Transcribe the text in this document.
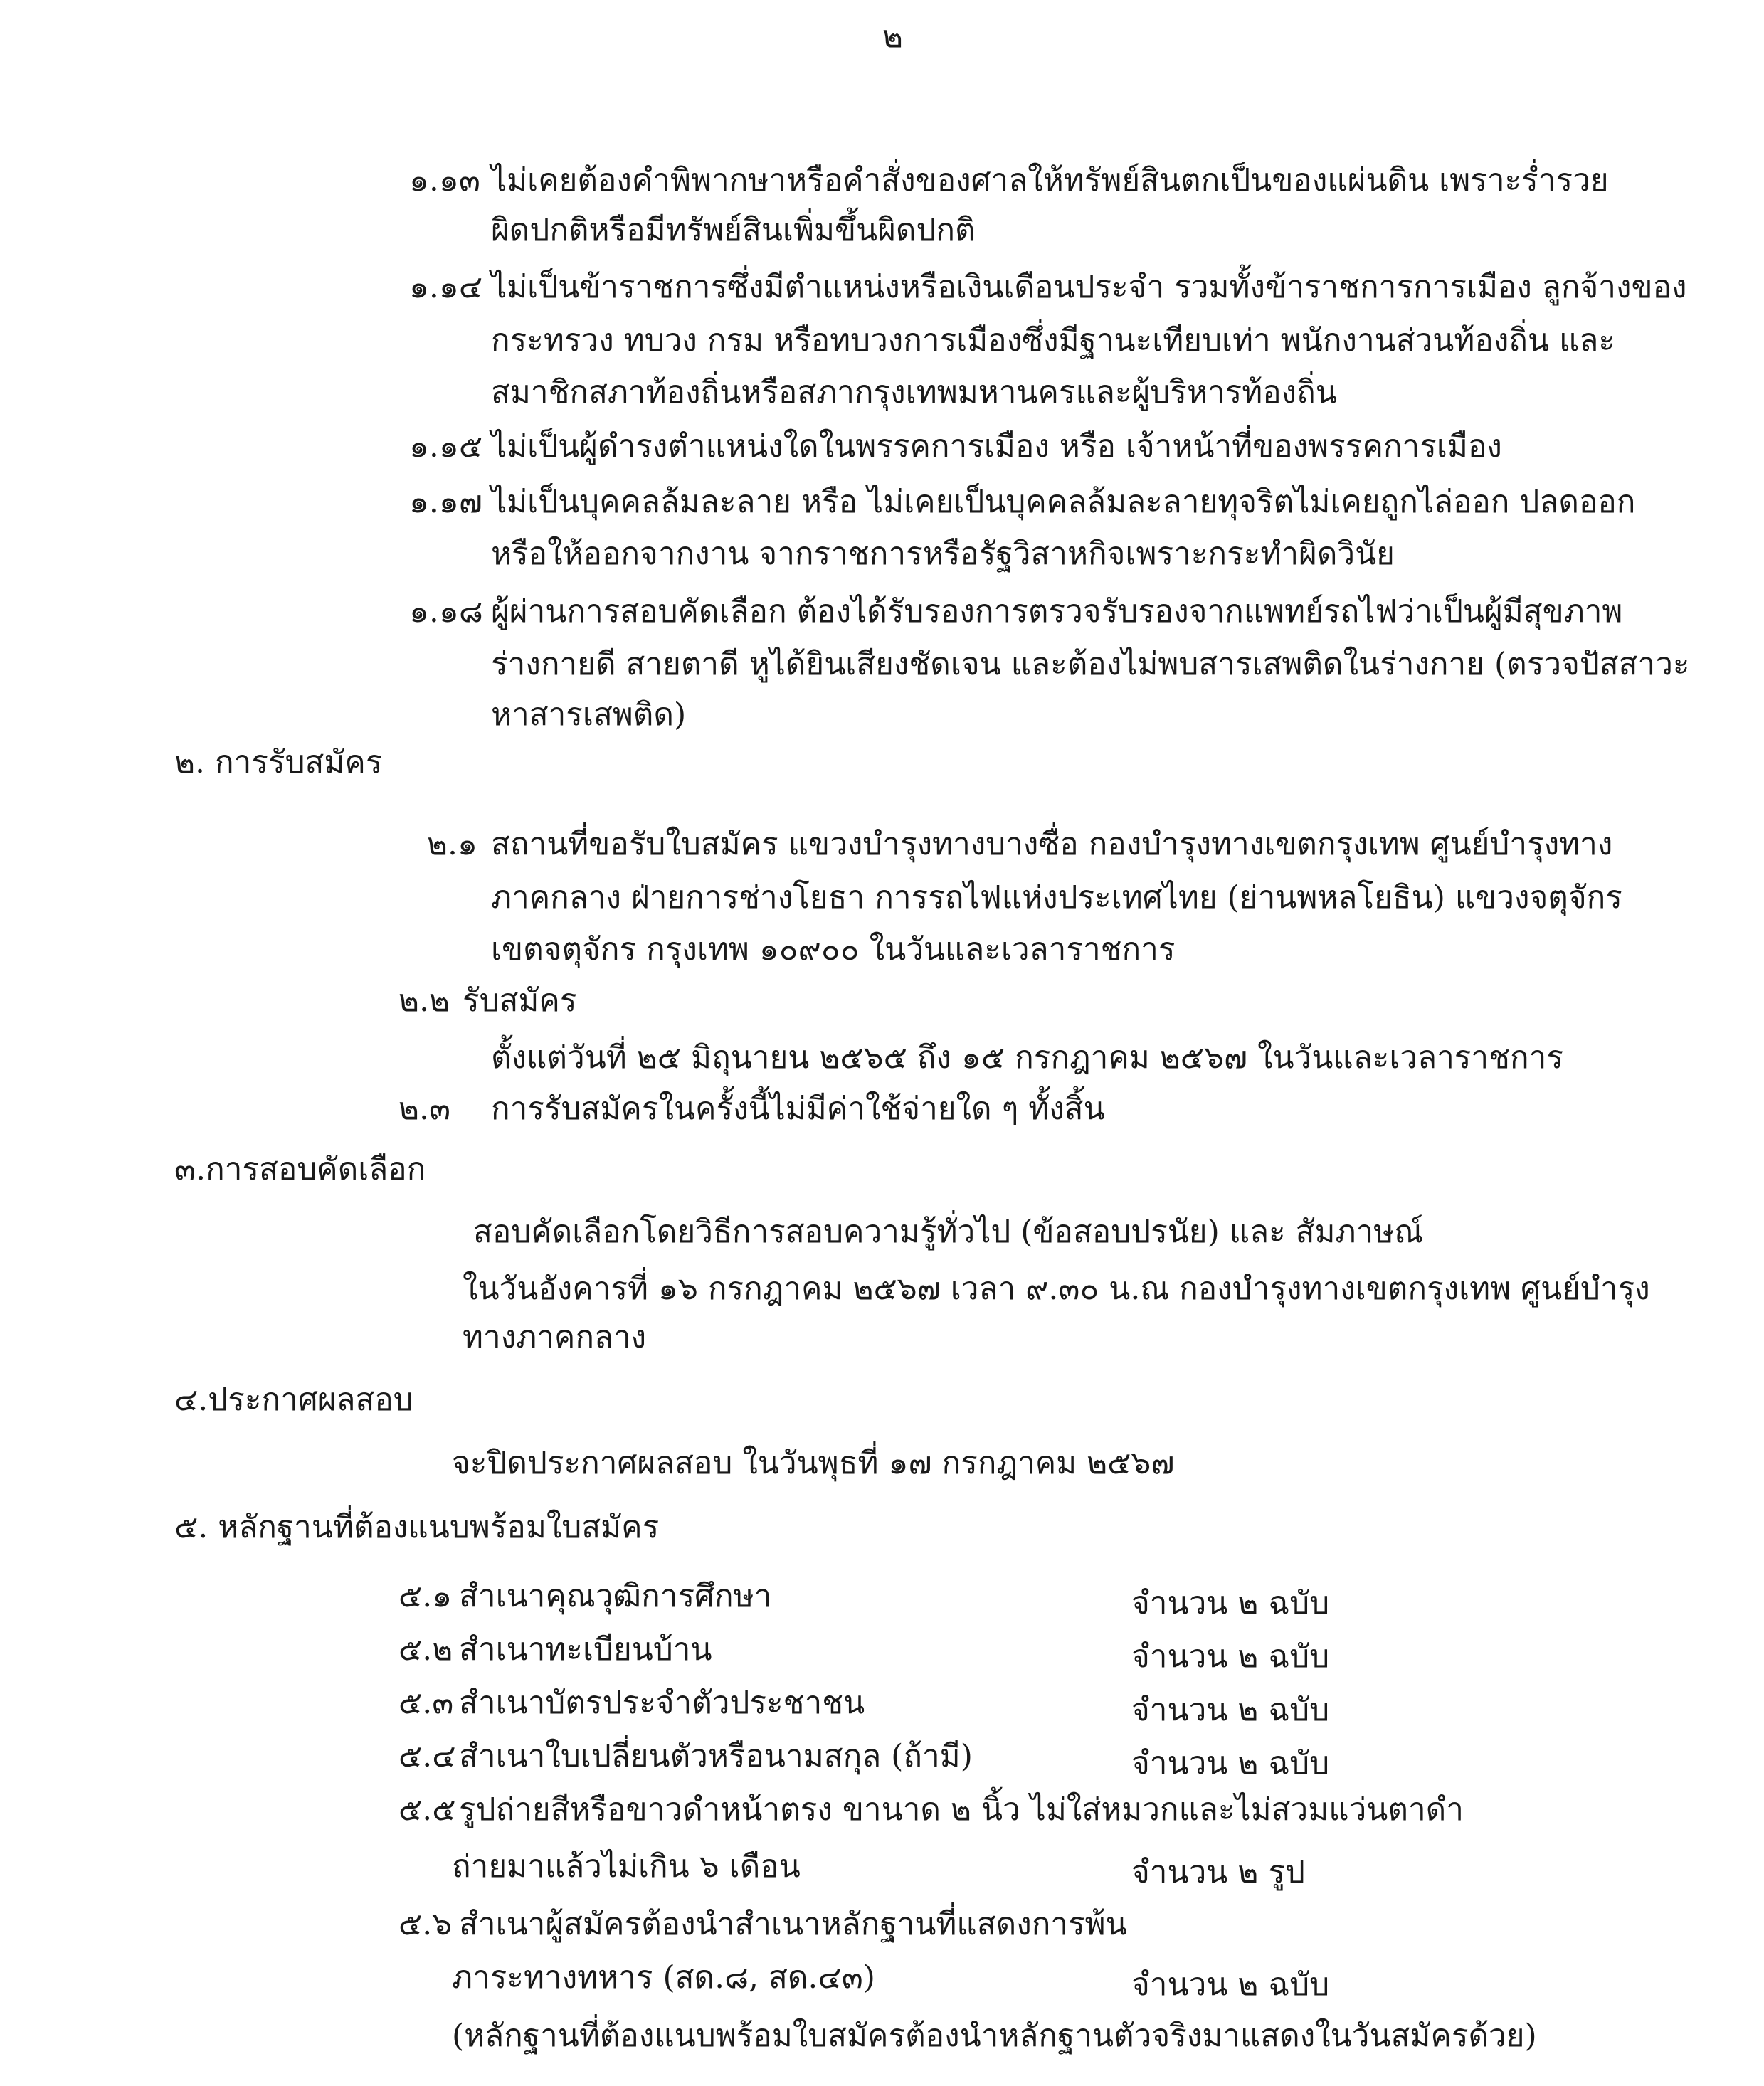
๒
๑.๑๓ ไม่เคยต้องคำพิพากษาหรือคำสั่งของศาลให้ทรัพย์สินตกเป็นของแผ่นดิน เพราะร่ำรวย
ผิดปกติหรือมีทรัพย์สินเพิ่มขึ้นผิดปกติ
๑.๑๔ ไม่เป็นข้าราชการซึ่งมีตำแหน่งหรือเงินเดือนประจำ รวมทั้งข้าราชการการเมือง ลูกจ้างของ
กระทรวง ทบวง กรม หรือทบวงการเมืองซึ่งมีฐานะเทียบเท่า พนักงานส่วนท้องถิ่น และ
สมาชิกสภาท้องถิ่นหรือสภากรุงเทพมหานครและผู้บริหารท้องถิ่น
๑.๑๕ ไม่เป็นผู้ดำรงตำแหน่งใดในพรรคการเมือง หรือ เจ้าหน้าที่ของพรรคการเมือง
๑.๑๗ ไม่เป็นบุคคลล้มละลาย หรือ ไม่เคยเป็นบุคคลล้มละลายทุจริตไม่เคยถูกไล่ออก ปลดออก
หรือให้ออกจากงาน จากราชการหรือรัฐวิสาหกิจเพราะกระทำผิดวินัย
๑.๑๘ ผู้ผ่านการสอบคัดเลือก ต้องได้รับรองการตรวจรับรองจากแพทย์รถไฟว่าเป็นผู้มีสุขภาพ
ร่างกายดี สายตาดี หูได้ยินเสียงชัดเจน และต้องไม่พบสารเสพติดในร่างกาย (ตรวจปัสสาวะ
หาสารเสพติด)
๒. การรับสมัคร
๒.๑ สถานที่ขอรับใบสมัคร แขวงบำรุงทางบางซื่อ กองบำรุงทางเขตกรุงเทพ ศูนย์บำรุงทาง
ภาคกลาง ฝ่ายการช่างโยธา การรถไฟแห่งประเทศไทย (ย่านพหลโยธิน) แขวงจตุจักร
เขตจตุจักร กรุงเทพ ๑๐๙๐๐ ในวันและเวลาราชการ
๒.๒ รับสมัคร
ตั้งแต่วันที่ ๒๕ มิถุนายน ๒๕๖๕ ถึง ๑๕ กรกฎาคม ๒๕๖๗ ในวันและเวลาราชการ
๒.๓ การรับสมัครในครั้งนี้ไม่มีค่าใช้จ่ายใด ๆ ทั้งสิ้น
๓.การสอบคัดเลือก
สอบคัดเลือกโดยวิธีการสอบความรู้ทั่วไป (ข้อสอบปรนัย) และ สัมภาษณ์
ในวันอังคารที่ ๑๖ กรกฎาคม ๒๕๖๗ เวลา ๙.๓๐ น.ณ กองบำรุงทางเขตกรุงเทพ ศูนย์บำรุง
ทางภาคกลาง
๔.ประกาศผลสอบ
จะปิดประกาศผลสอบ ในวันพุธที่ ๑๗ กรกฎาคม ๒๕๖๗
๕. หลักฐานที่ต้องแนบพร้อมใบสมัคร
๕.๑ สำเนาคุณวุฒิการศึกษา	จำนวน ๒ ฉบับ
๕.๒ สำเนาทะเบียนบ้าน	จำนวน ๒ ฉบับ
๕.๓ สำเนาบัตรประจำตัวประชาชน	จำนวน ๒ ฉบับ
๕.๔ สำเนาใบเปลี่ยนตัวหรือนามสกุล (ถ้ามี)	จำนวน ๒ ฉบับ
๕.๕ รูปถ่ายสีหรือขาวดำหน้าตรง ขานาด ๒ นิ้ว ไม่ใส่หมวกและไม่สวมแว่นตาดำ
ถ่ายมาแล้วไม่เกิน ๖ เดือน	จำนวน ๒ รูป
๕.๖ สำเนาผู้สมัครต้องนำสำเนาหลักฐานที่แสดงการพ้น
ภาระทางทหาร (สด.๘, สด.๔๓)	จำนวน ๒ ฉบับ
(หลักฐานที่ต้องแนบพร้อมใบสมัครต้องนำหลักฐานตัวจริงมาแสดงในวันสมัครด้วย)
